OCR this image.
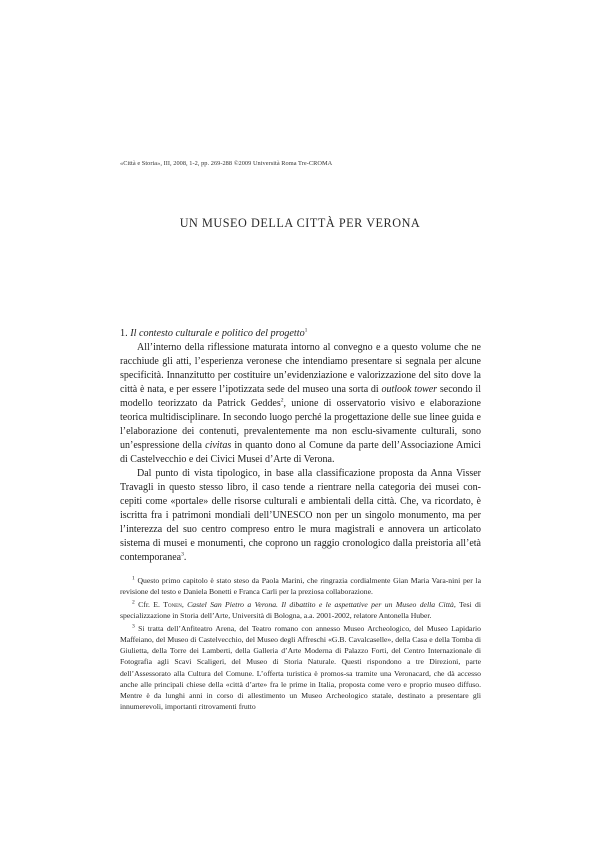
«Città e Storia», III, 2008, 1-2, pp. 269-288 ©2009 Università Roma Tre-CROMA
UN MUSEO DELLA CITTÀ PER VERONA
1. Il contesto culturale e politico del progetto$^1$

All’interno della riflessione maturata intorno al convegno e a questo volume che ne racchiude gli atti, l’esperienza veronese che intendiamo presentare si segnala per alcune specificità. Innanzitutto per costituire un’evidenziazione e valorizzazione del sito dove la città è nata, e per essere l’ipotizzata sede del museo una sorta di outlook tower secondo il modello teorizzato da Patrick Geddes$^2$, unione di osservatorio visivo e elaborazione teorica multidisciplinare. In secondo luogo perché la progettazione delle sue linee guida e l’elaborazione dei contenuti, prevalentemente ma non esclu-sivamente culturali, sono un’espressione della civitas in quanto dono al Comune da parte dell’Associazione Amici di Castelvecchio e dei Civici Musei d’Arte di Verona.

Dal punto di vista tipologico, in base alla classificazione proposta da Anna Visser Travagli in questo stesso libro, il caso tende a rientrare nella categoria dei musei con-cepiti come «portale» delle risorse culturali e ambientali della città. Che, va ricordato, è iscritta fra i patrimoni mondiali dell’UNESCO non per un singolo monumento, ma per l’interezza del suo centro compreso entro le mura magistrali e annovera un articolato sistema di musei e monumenti, che coprono un raggio cronologico dalla preistoria all’età contemporanea$^3$.

$^1$ Questo primo capitolo è stato steso da Paola Marini, che ringrazia cordialmente Gian Maria Vara-nini per la revisione del testo e Daniela Bonetti e Franca Carli per la preziosa collaborazione.

$^2$ Cfr. E. Tonen, Castel San Pietro a Verona. Il dibattito e le aspettative per un Museo della Città, Tesi di specializzazione in Storia dell’Arte, Università di Bologna, a.a. 2001-2002, relatore Antonella Huber.

$^3$ Si tratta dell’Anfiteatro Arena, del Teatro romano con annesso Museo Archeologico, del Museo Lapidario Maffeiano, del Museo di Castelvecchio, del Museo degli Affreschi «G.B. Cavalcaselle», della Casa e della Tomba di Giulietta, della Torre dei Lamberti, della Galleria d’Arte Moderna di Palazzo Forti, del Centro Internazionale di Fotografia agli Scavi Scaligeri, del Museo di Storia Naturale. Questi rispondono a tre Direzioni, parte dell’Assessorato alla Cultura del Comune. L’offerta turistica è promos-sa tramite una Veronacard, che dà accesso anche alle principali chiese della «città d’arte» fra le prime in Italia, proposta come vero e proprio museo diffuso. Mentre è da lunghi anni in corso di allestimento un Museo Archeologico statale, destinato a presentare gli innumerevoli, importanti ritrovamenti frutto
